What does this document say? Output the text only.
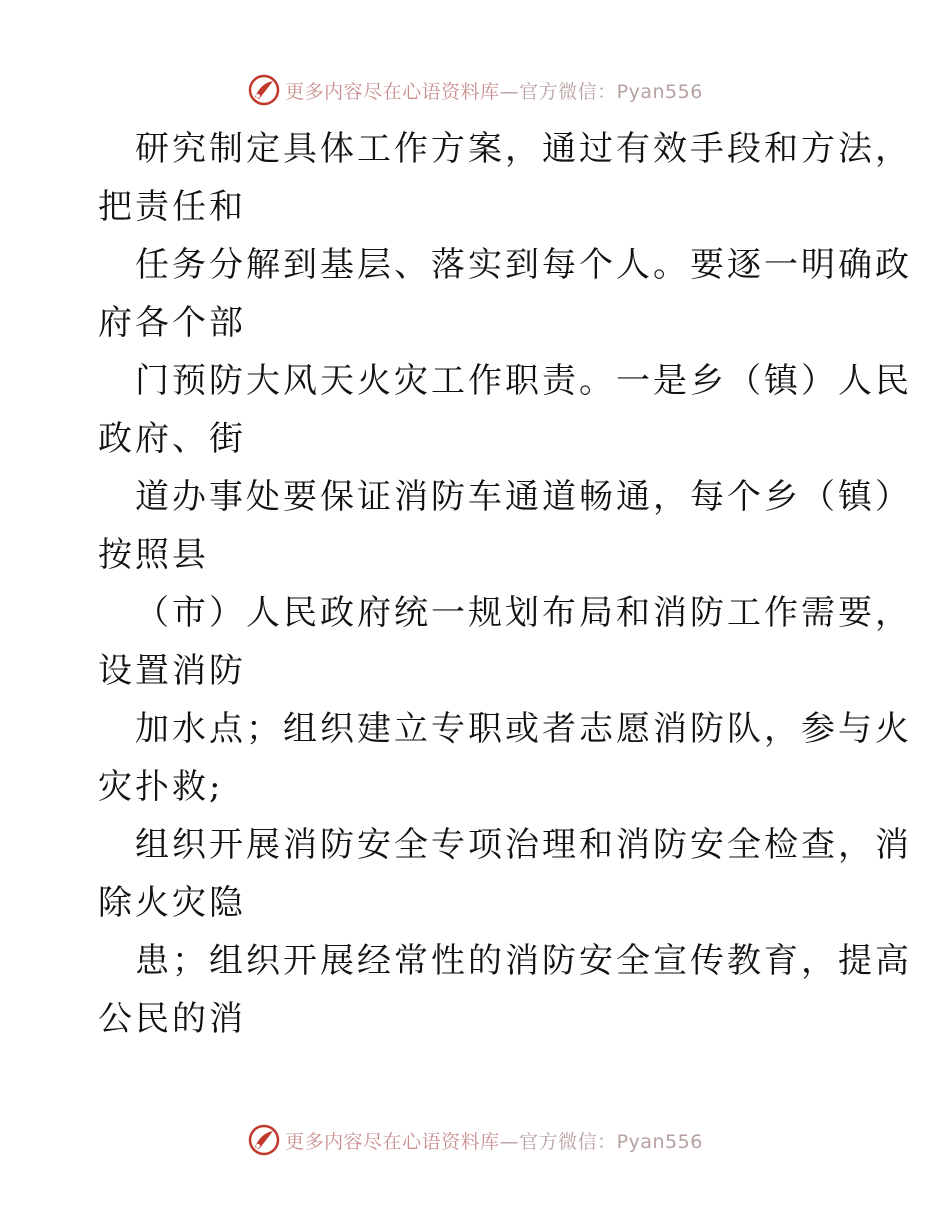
更多内容尽在心语资料库—官方微信：Pyan556

研究制定具体工作方案，通过有效手段和方法，
把责任和

任务分解到基层、落实到每个人。要逐一明确政
府各个部

门预防大风天火灾工作职责。一是乡（镇）人民
政府、街

道办事处要保证消防车通道畅通，每个乡（镇）
按照县

（市）人民政府统一规划布局和消防工作需要，
设置消防

加水点；组织建立专职或者志愿消防队，参与火
灾扑救;

组织开展消防安全专项治理和消防安全检查，消
除火灾隐

患；组织开展经常性的消防安全宣传教育，提高
公民的消

更多内容尽在心语资料库—官方微信：Pyan556
